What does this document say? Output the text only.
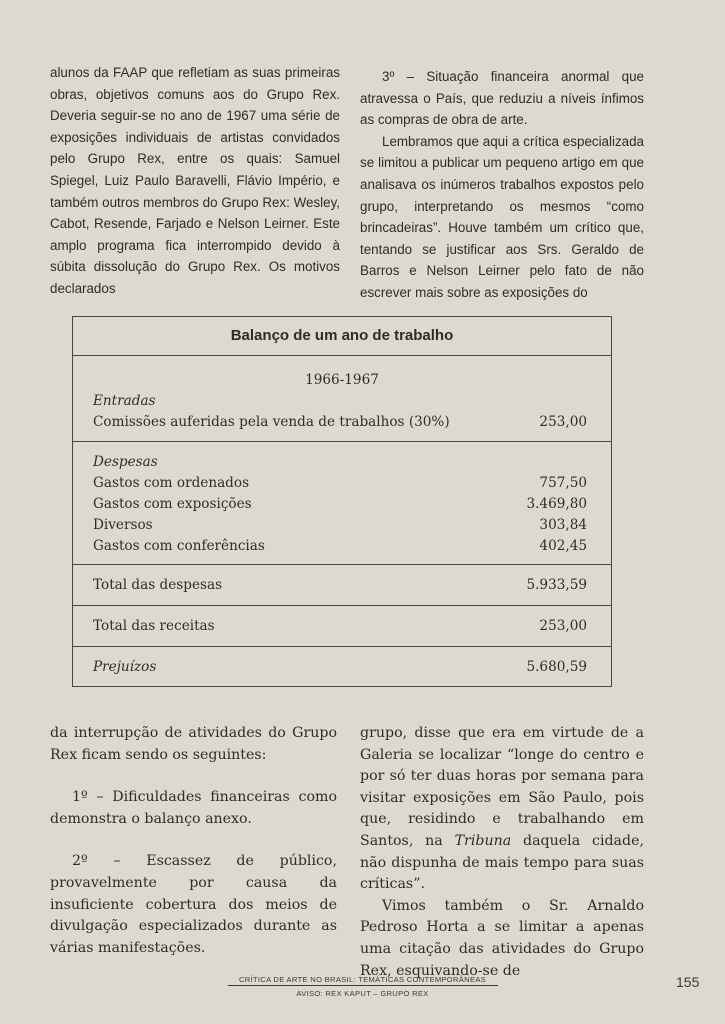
alunos da FAAP que refletiam as suas primeiras obras, objetivos comuns aos do Grupo Rex. Deveria seguir-se no ano de 1967 uma série de exposições individuais de artistas convidados pelo Grupo Rex, entre os quais: Samuel Spiegel, Luiz Paulo Baravelli, Flávio Império, e também outros membros do Grupo Rex: Wesley, Cabot, Resende, Farjado e Nelson Leirner. Este amplo programa fica interrompido devido à súbita dissolução do Grupo Rex. Os motivos declarados

3º – Situação financeira anormal que atravessa o País, que reduziu a níveis ínfimos as compras de obra de arte.

Lembramos que aqui a crítica especializada se limitou a publicar um pequeno artigo em que analisava os inúmeros trabalhos expostos pelo grupo, interpretando os mesmos “como brincadeiras”. Houve também um crítico que, tentando se justificar aos Srs. Geraldo de Barros e Nelson Leirner pelo fato de não escrever mais sobre as exposições do

Balanço de um ano de trabalho
1966-1967
Entradas
Comissões auferidas pela venda de trabalhos (30%)	253,00
Despesas
Gastos com ordenados	757,50
Gastos com exposições	3.469,80
Diversos	303,84
Gastos com conferências	402,45
Total das despesas	5.933,59
Total das receitas	253,00
Prejuízos	5.680,59

da interrupção de atividades do Grupo Rex ficam sendo os seguintes:

1º – Dificuldades financeiras como demonstra o balanço anexo.

2º – Escassez de público, provavelmente por causa da insuficiente cobertura dos meios de divulgação especializados durante as várias manifestações.

grupo, disse que era em virtude de a Galeria se localizar “longe do centro e por só ter duas horas por semana para visitar exposições em São Paulo, pois que, residindo e trabalhando em Santos, na Tribuna daquela cidade, não dispunha de mais tempo para suas críticas”.

Vimos também o Sr. Arnaldo Pedroso Horta a se limitar a apenas uma citação das atividades do Grupo Rex, esquivando-se de

CRÍTICA DE ARTE NO BRASIL: TEMÁTICAS CONTEMPORÂNEAS
AVISO: REX KAPUT – GRUPO REX
155
